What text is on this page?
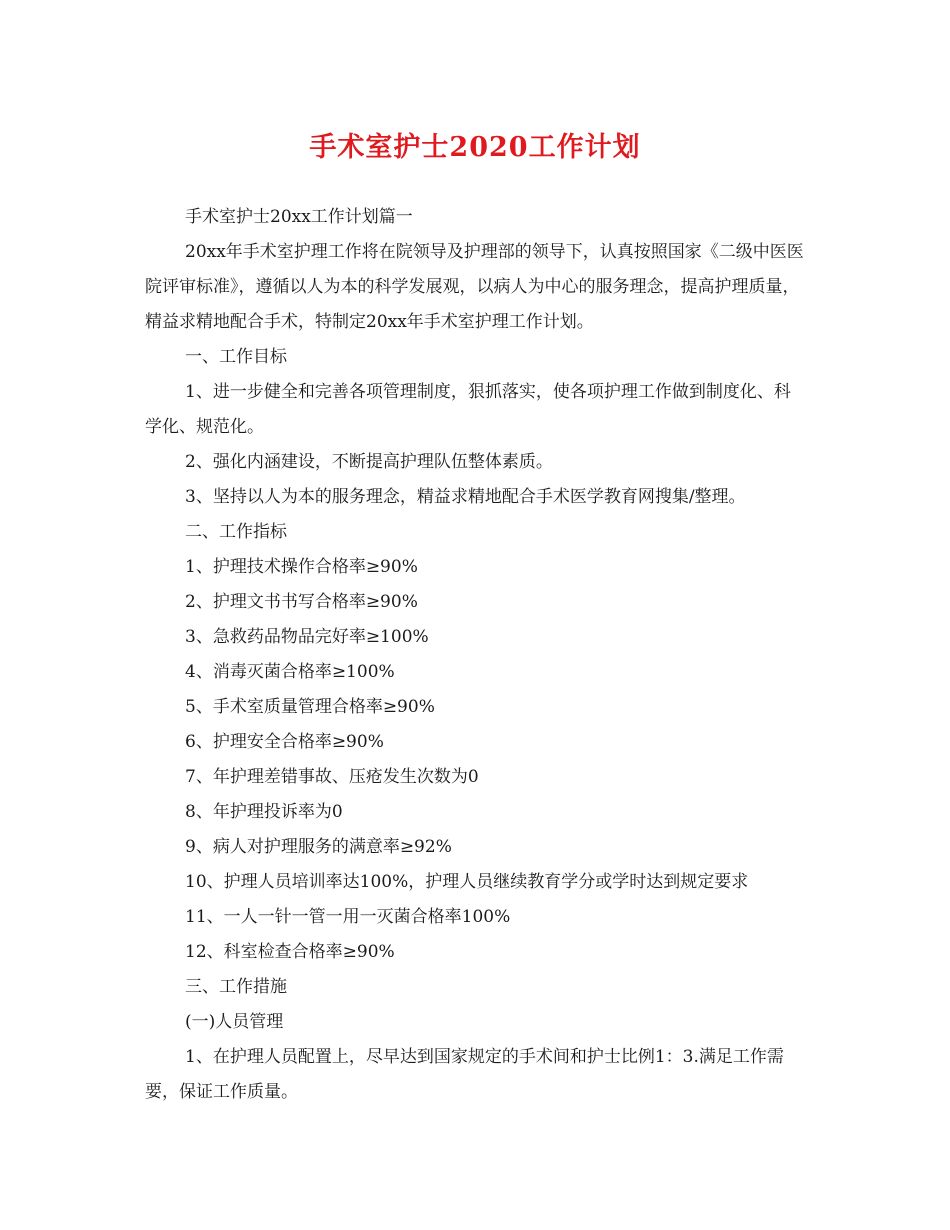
手术室护士2020工作计划

手术室护士20xx工作计划篇一

20xx年手术室护理工作将在院领导及护理部的领导下，认真按照国家《二级中医医院评审标准》，遵循以人为本的科学发展观，以病人为中心的服务理念，提高护理质量，精益求精地配合手术，特制定20xx年手术室护理工作计划。

一、工作目标

1、进一步健全和完善各项管理制度，狠抓落实，使各项护理工作做到制度化、科学化、规范化。

2、强化内涵建设，不断提高护理队伍整体素质。

3、坚持以人为本的服务理念，精益求精地配合手术医学教育网搜集/整理。

二、工作指标

1、护理技术操作合格率≥90%

2、护理文书书写合格率≥90%

3、急救药品物品完好率≥100%

4、消毒灭菌合格率≥100%

5、手术室质量管理合格率≥90%

6、护理安全合格率≥90%

7、年护理差错事故、压疮发生次数为0

8、年护理投诉率为0

9、病人对护理服务的满意率≥92%

10、护理人员培训率达100%，护理人员继续教育学分或学时达到规定要求

11、一人一针一管一用一灭菌合格率100%

12、科室检查合格率≥90%

三、工作措施

(一)人员管理

1、在护理人员配置上，尽早达到国家规定的手术间和护士比例1：3.满足工作需要，保证工作质量。
